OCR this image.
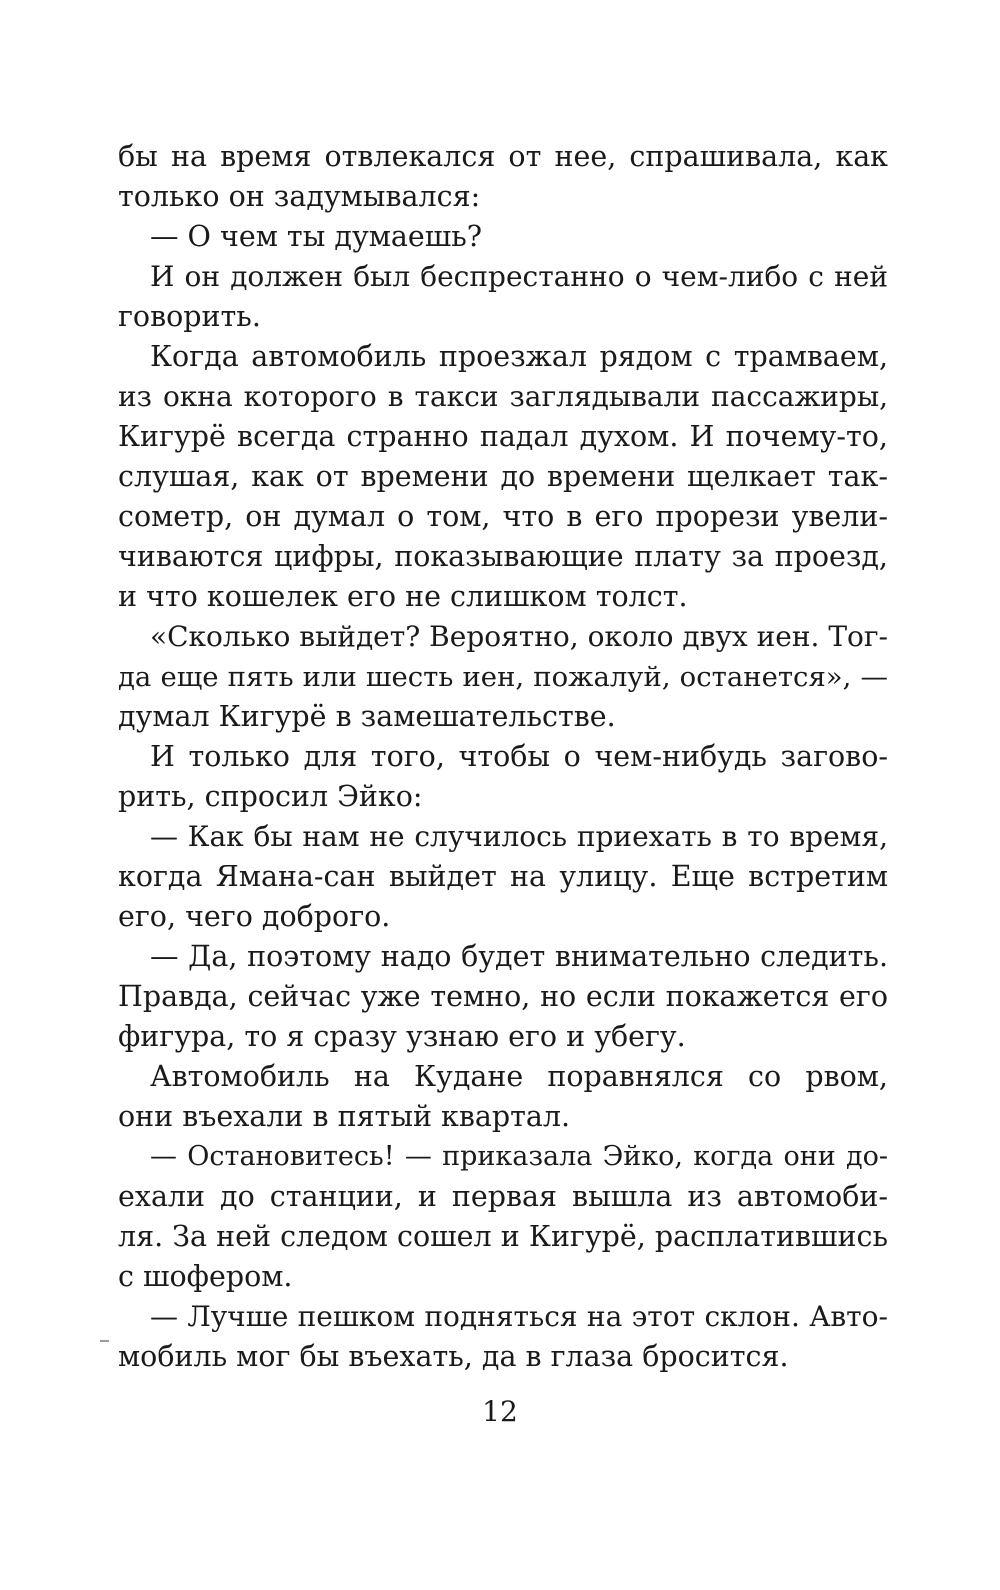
бы на время отвлекался от нее, спрашивала, как
только он задумывался:
— О чем ты думаешь?
И он должен был беспрестанно о чем-либо с ней
говорить.
Когда автомобиль проезжал рядом с трамваем,
из окна которого в такси заглядывали пассажиры,
Кигурё всегда странно падал духом. И почему-то,
слушая, как от времени до времени щелкает так-
сометр, он думал о том, что в его прорези увели-
чиваются цифры, показывающие плату за проезд,
и что кошелек его не слишком толст.
«Сколько выйдет? Вероятно, около двух иен. Тог-
да еще пять или шесть иен, пожалуй, останется», —
думал Кигурё в замешательстве.
И только для того, чтобы о чем-нибудь загово-
рить, спросил Эйко:
— Как бы нам не случилось приехать в то время,
когда Ямана-сан выйдет на улицу. Еще встретим
его, чего доброго.
— Да, поэтому надо будет внимательно следить.
Правда, сейчас уже темно, но если покажется его
фигура, то я сразу узнаю его и убегу.
Автомобиль на Кудане поравнялся со рвом,
они въехали в пятый квартал.
— Остановитесь! — приказала Эйко, когда они до-
ехали до станции, и первая вышла из автомоби-
ля. За ней следом сошел и Кигурё, расплатившись
с шофером.
— Лучше пешком подняться на этот склон. Авто-
мобиль мог бы въехать, да в глаза бросится.
12
